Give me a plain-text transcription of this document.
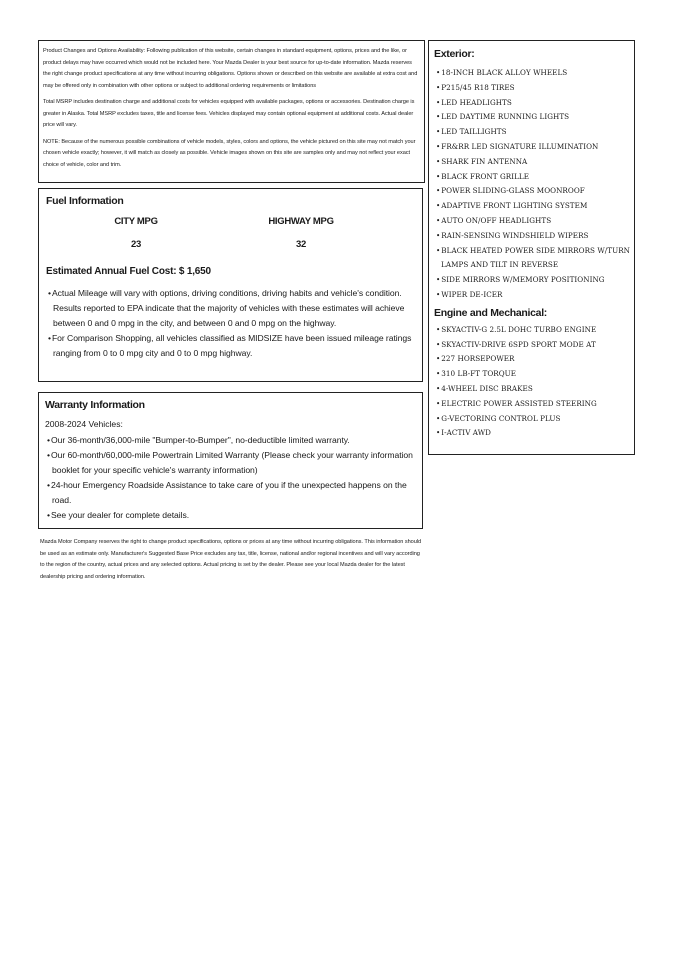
Product Changes and Options Availability: Following publication of this website, certain changes in standard equipment, options, prices and the like, or product delays may have occurred which would not be included here. Your Mazda Dealer is your best source for up-to-date information. Mazda reserves the right change product specifications at any time without incurring obligations. Options shown or described on this website are available at extra cost and may be offered only in combination with other options or subject to additional ordering requirements or limitations

Total MSRP includes destination charge and additional costs for vehicles equipped with available packages, options or accessories. Destination charge is greater in Alaska. Total MSRP excludes taxes, title and license fees. Vehicles displayed may contain optional equipment at additional costs. Actual dealer price will vary.

NOTE: Because of the numerous possible combinations of vehicle models, styles, colors and options, the vehicle pictured on this site may not match your chosen vehicle exactly; however, it will match as closely as possible. Vehicle images shown on this site are samples only and may not reflect your exact choice of vehicle, color and trim.

Fuel Information
CITY MPG
23
HIGHWAY MPG
32
Estimated Annual Fuel Cost: $ 1,650
• Actual Mileage will vary with options, driving conditions, driving habits and vehicle's condition. Results reported to EPA indicate that the majority of vehicles with these estimates will achieve between 0 and 0 mpg in the city, and between 0 and 0 mpg on the highway.
• For Comparison Shopping, all vehicles classified as MIDSIZE have been issued mileage ratings ranging from 0 to 0 mpg city and 0 to 0 mpg highway.
Warranty Information
2008-2024 Vehicles:
• Our 36-month/36,000-mile "Bumper-to-Bumper", no-deductible limited warranty.
• Our 60-month/60,000-mile Powertrain Limited Warranty (Please check your warranty information booklet for your specific vehicle's warranty information)
• 24-hour Emergency Roadside Assistance to take care of you if the unexpected happens on the road.
• See your dealer for complete details.

Mazda Motor Company reserves the right to change product specifications, options or prices at any time without incurring obligations. This information should be used as an estimate only. Manufacturer's Suggested Base Price excludes any tax, title, license, national and/or regional incentives and will vary according to the region of the country, actual prices and any selected options. Actual pricing is set by the dealer. Please see your local Mazda dealer for the latest dealership pricing and ordering information.

Exterior:
• 18-INCH BLACK ALLOY WHEELS
• P215/45 R18 TIRES
• LED HEADLIGHTS
• LED DAYTIME RUNNING LIGHTS
• LED TAILLIGHTS
• FR&RR LED SIGNATURE ILLUMINATION
• SHARK FIN ANTENNA
• BLACK FRONT GRILLE
• POWER SLIDING-GLASS MOONROOF
• ADAPTIVE FRONT LIGHTING SYSTEM
• AUTO ON/OFF HEADLIGHTS
• RAIN-SENSING WINDSHIELD WIPERS
• BLACK HEATED POWER SIDE MIRRORS W/TURN LAMPS AND TILT IN REVERSE
• SIDE MIRRORS W/MEMORY POSITIONING
• WIPER DE-ICER
Engine and Mechanical:
• SKYACTIV-G 2.5L DOHC TURBO ENGINE
• SKYACTIV-DRIVE 6SPD SPORT MODE AT
• 227 HORSEPOWER
• 310 LB-FT TORQUE
• 4-WHEEL DISC BRAKES
• ELECTRIC POWER ASSISTED STEERING
• G-VECTORING CONTROL PLUS
• I-ACTIV AWD
